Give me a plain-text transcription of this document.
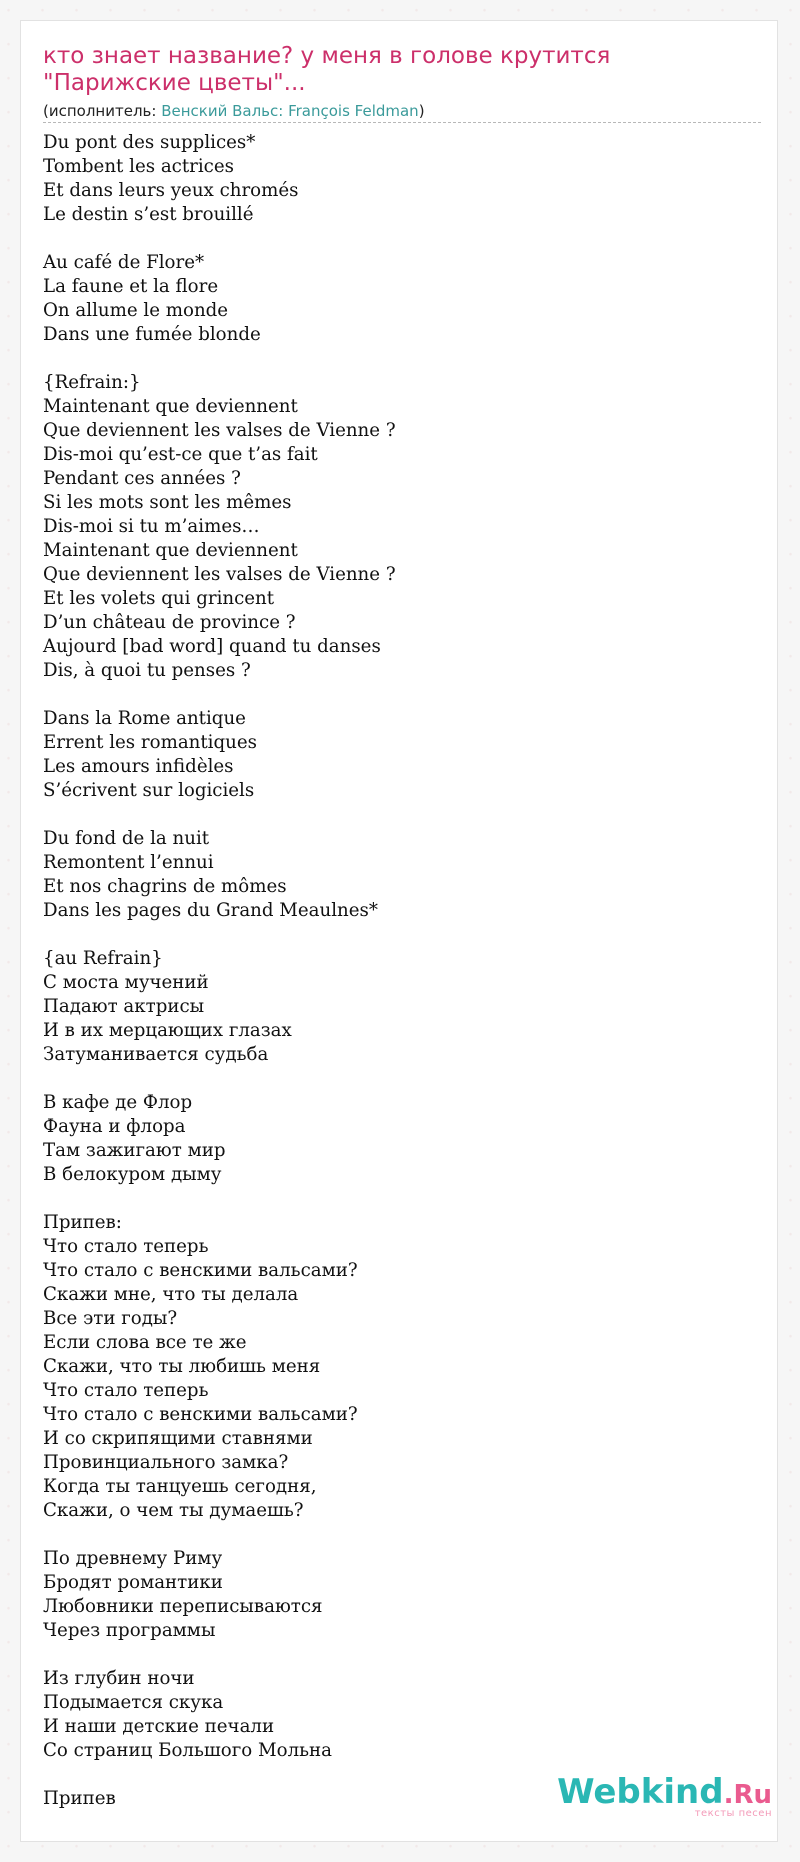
кто знает название? у меня в голове крутится "Парижские цветы"...
(исполнитель: Венский Вальс: François Feldman)
Du pont des supplices*
Tombent les actrices
Et dans leurs yeux chromés
Le destin s’est brouillé

Au café de Flore*
La faune et la flore
On allume le monde
Dans une fumée blonde

{Refrain:}
Maintenant que deviennent
Que deviennent les valses de Vienne ?
Dis-moi qu’est-ce que t’as fait
Pendant ces années ?
Si les mots sont les mêmes
Dis-moi si tu m’aimes…
Maintenant que deviennent
Que deviennent les valses de Vienne ?
Et les volets qui grincent
D’un château de province ?
Aujourd [bad word] quand tu danses
Dis, à quoi tu penses ?

Dans la Rome antique
Errent les romantiques
Les amours infidèles
S’écrivent sur logiciels

Du fond de la nuit
Remontent l’ennui
Et nos chagrins de mômes
Dans les pages du Grand Meaulnes*

{au Refrain}
С моста мучений
Падают актрисы
И в их мерцающих глазах
Затуманивается судьба

В кафе де Флор
Фауна и флора
Там зажигают мир
В белокуром дыму

Припев:
Что стало теперь
Что стало с венскими вальсами?
Скажи мне, что ты делала
Все эти годы?
Если слова все те же
Скажи, что ты любишь меня
Что стало теперь
Что стало с венскими вальсами?
И со скрипящими ставнями
Провинциального замка?
Когда ты танцуешь сегодня,
Скажи, о чем ты думаешь?

По древнему Риму
Бродят романтики
Любовники переписываются
Через программы

Из глубин ночи
Подымается скука
И наши детские печали
Со страниц Большого Мольна

Припев	Webkind.Ru
тексты песен
